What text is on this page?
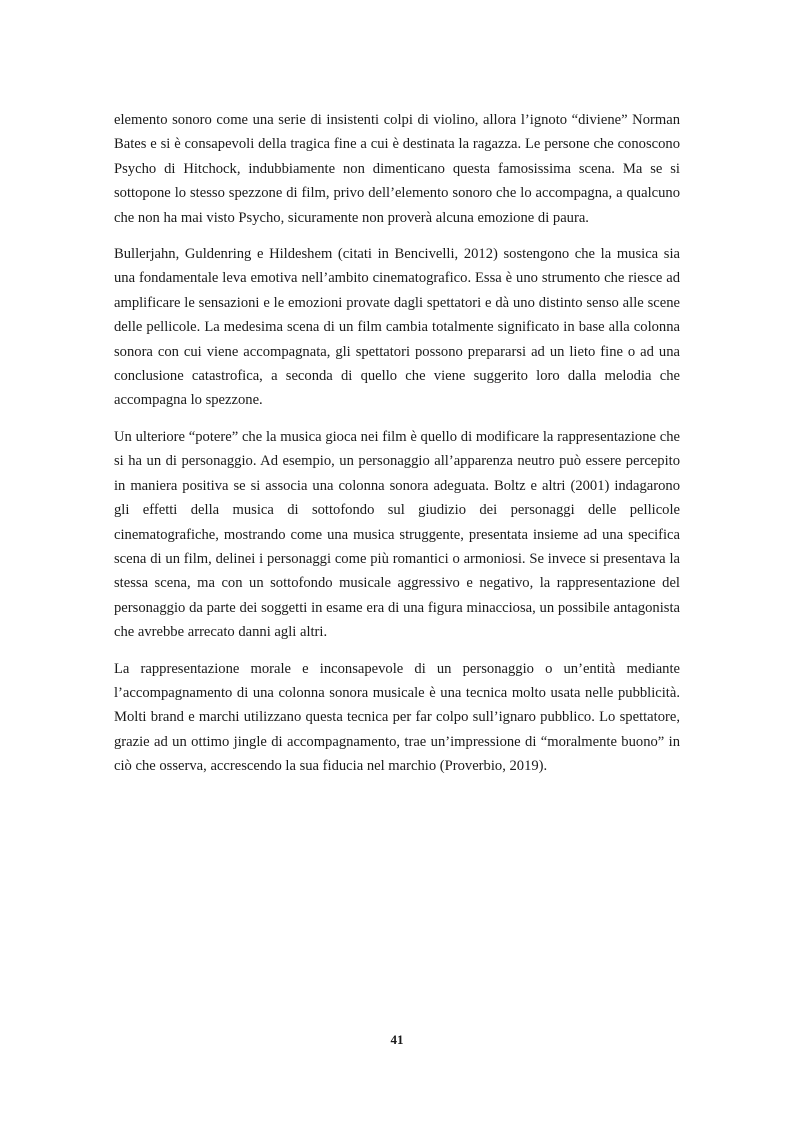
elemento sonoro come una serie di insistenti colpi di violino, allora l’ignoto “diviene” Norman Bates e si è consapevoli della tragica fine a cui è destinata la ragazza. Le persone che conoscono Psycho di Hitchock, indubbiamente non dimenticano questa famosissima scena. Ma se si sottopone lo stesso spezzone di film, privo dell’elemento sonoro che lo accompagna, a qualcuno che non ha mai visto Psycho, sicuramente non proverà alcuna emozione di paura.

Bullerjahn, Guldenring e Hildeshem (citati in Bencivelli, 2012) sostengono che la musica sia una fondamentale leva emotiva nell’ambito cinematografico. Essa è uno strumento che riesce ad amplificare le sensazioni e le emozioni provate dagli spettatori e dà uno distinto senso alle scene delle pellicole. La medesima scena di un film cambia totalmente significato in base alla colonna sonora con cui viene accompagnata, gli spettatori possono prepararsi ad un lieto fine o ad una conclusione catastrofica, a seconda di quello che viene suggerito loro dalla melodia che accompagna lo spezzone.

Un ulteriore “potere” che la musica gioca nei film è quello di modificare la rappresentazione che si ha un di personaggio. Ad esempio, un personaggio all’apparenza neutro può essere percepito in maniera positiva se si associa una colonna sonora adeguata. Boltz e altri (2001) indagarono gli effetti della musica di sottofondo sul giudizio dei personaggi delle pellicole cinematografiche, mostrando come una musica struggente, presentata insieme ad una specifica scena di un film, delinei i personaggi come più romantici o armoniosi. Se invece si presentava la stessa scena, ma con un sottofondo musicale aggressivo e negativo, la rappresentazione del personaggio da parte dei soggetti in esame era di una figura minacciosa, un possibile antagonista che avrebbe arrecato danni agli altri.

La rappresentazione morale e inconsapevole di un personaggio o un’entità mediante l’accompagnamento di una colonna sonora musicale è una tecnica molto usata nelle pubblicità. Molti brand e marchi utilizzano questa tecnica per far colpo sull’ignaro pubblico. Lo spettatore, grazie ad un ottimo jingle di accompagnamento, trae un’impressione di “moralmente buono” in ciò che osserva, accrescendo la sua fiducia nel marchio (Proverbio, 2019).

41
